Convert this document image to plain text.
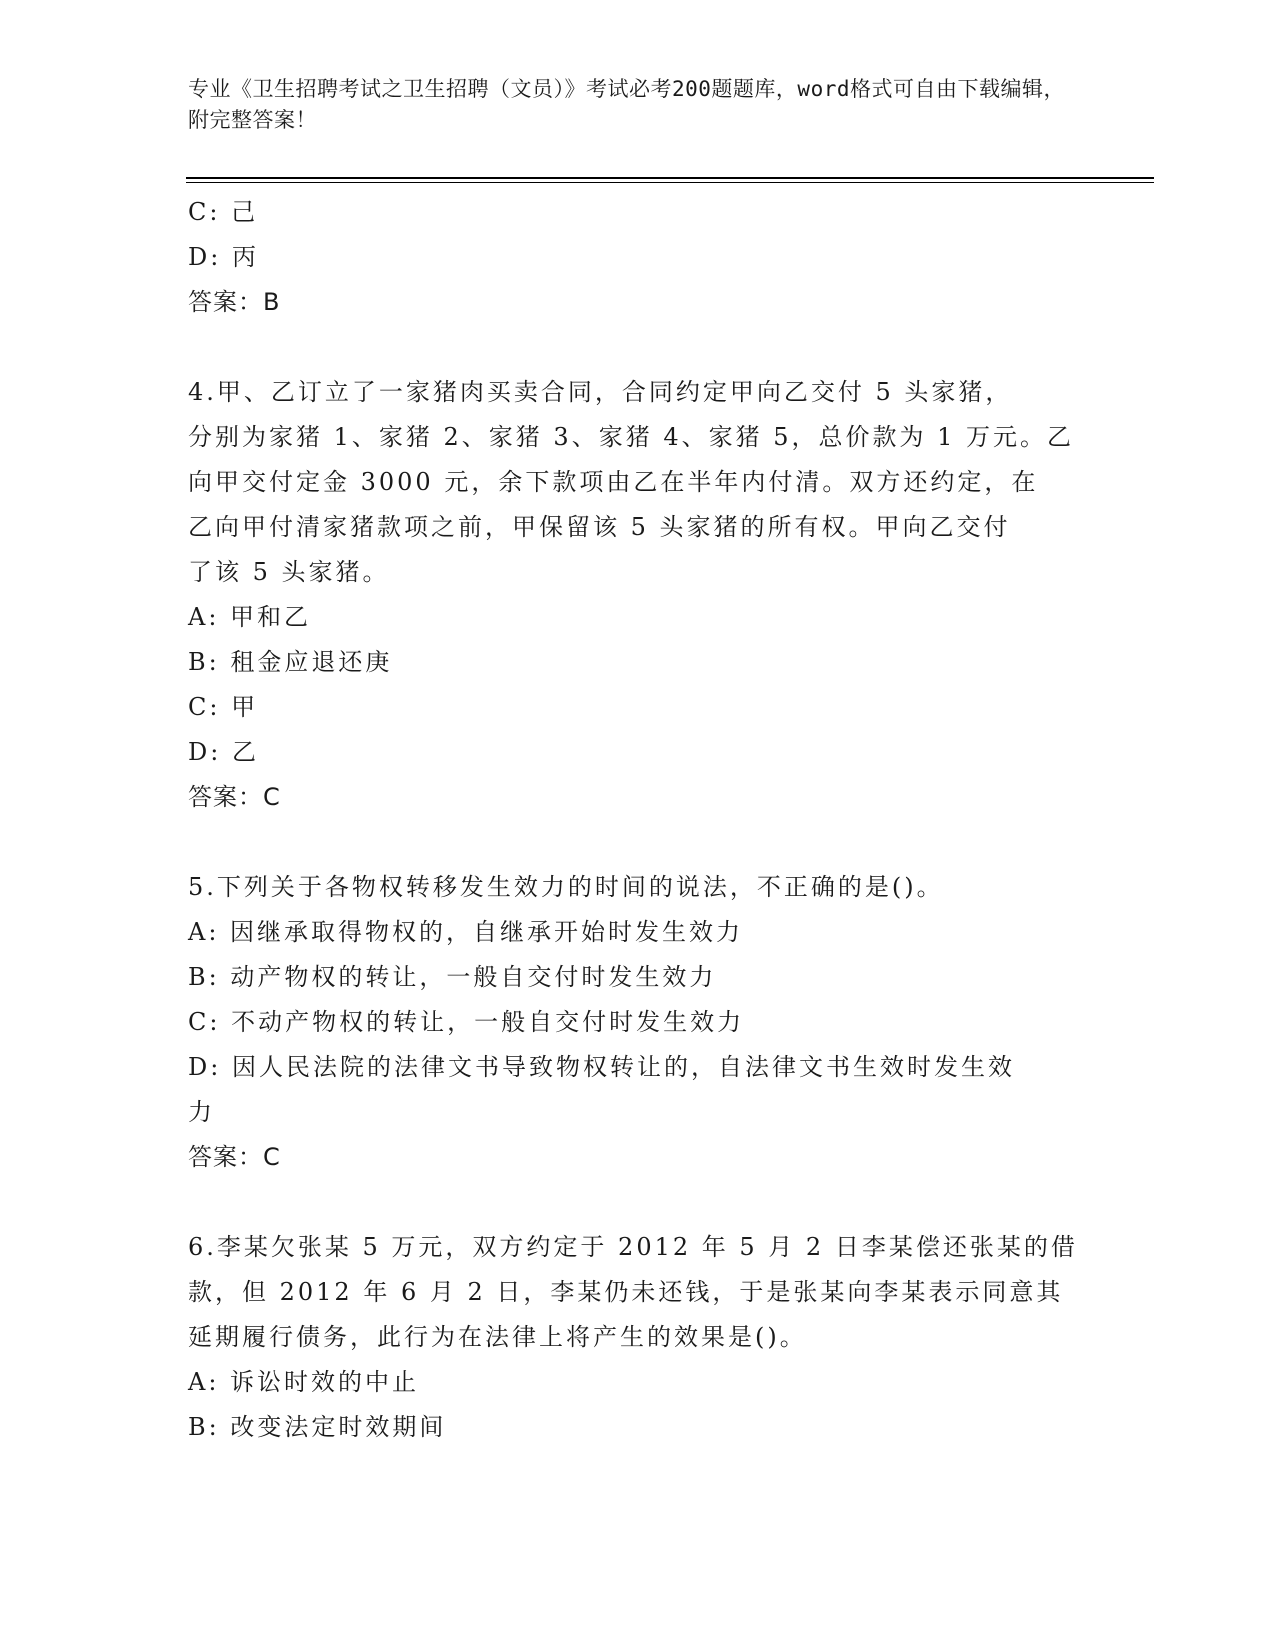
专业《卫生招聘考试之卫生招聘（文员）》考试必考200题题库，word格式可自由下载编辑，附完整答案！
C: 己
D: 丙
答案：B
4.甲、乙订立了一家猪肉买卖合同，合同约定甲向乙交付 5 头家猪，
分别为家猪 1、家猪 2、家猪 3、家猪 4、家猪 5，总价款为 1 万元。乙
向甲交付定金 3000 元，余下款项由乙在半年内付清。双方还约定，在
乙向甲付清家猪款项之前，甲保留该 5 头家猪的所有权。甲向乙交付
了该 5 头家猪。
A: 甲和乙
B: 租金应退还庚
C: 甲
D: 乙
答案：C
5.下列关于各物权转移发生效力的时间的说法，不正确的是()。
A: 因继承取得物权的，自继承开始时发生效力
B: 动产物权的转让，一般自交付时发生效力
C: 不动产物权的转让，一般自交付时发生效力
D: 因人民法院的法律文书导致物权转让的，自法律文书生效时发生效
力
答案：C
6.李某欠张某 5 万元，双方约定于 2012 年 5 月 2 日李某偿还张某的借
款，但 2012 年 6 月 2 日，李某仍未还钱，于是张某向李某表示同意其
延期履行债务，此行为在法律上将产生的效果是()。
A: 诉讼时效的中止
B: 改变法定时效期间
